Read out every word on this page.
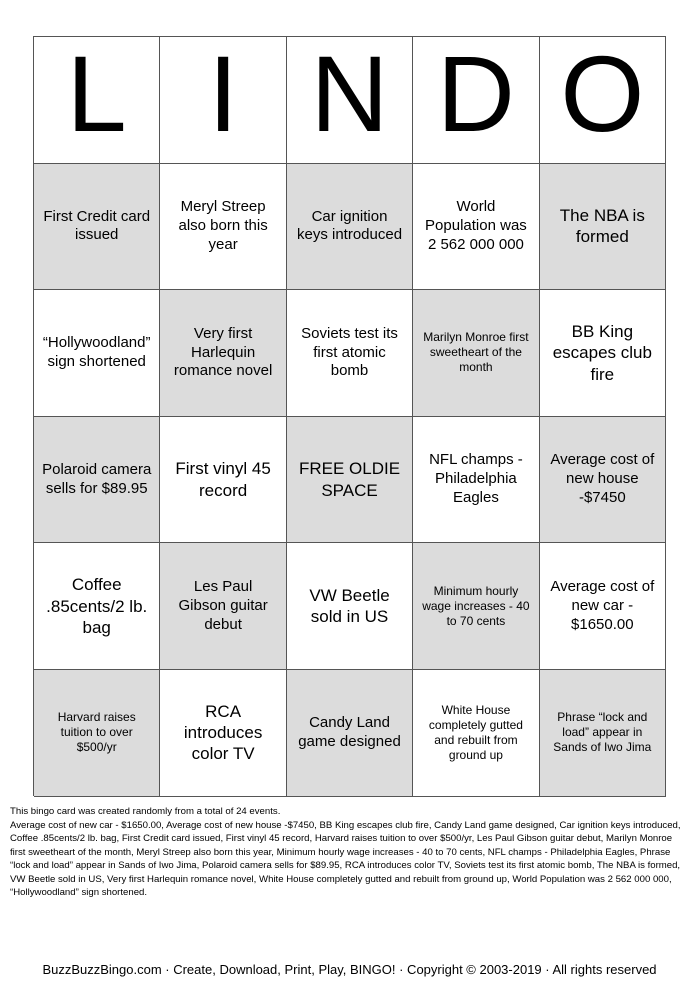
L I N D O
First Credit card issued
Meryl Streep also born this year
Car ignition keys introduced
World Population was 2 562 000 000
The NBA is formed
“Hollywoodland” sign shortened
Very first Harlequin romance novel
Soviets test its first atomic bomb
Marilyn Monroe first sweetheart of the month
BB King escapes club fire
Polaroid camera sells for $89.95
First vinyl 45 record
FREE OLDIE SPACE
NFL champs - Philadelphia Eagles
Average cost of new house -$7450
Coffee .85cents/2 lb. bag
Les Paul Gibson guitar debut
VW Beetle sold in US
Minimum hourly wage increases - 40 to 70 cents
Average cost of new car - $1650.00
Harvard raises tuition to over $500/yr
RCA introduces color TV
Candy Land game designed
White House completely gutted and rebuilt from ground up
Phrase “lock and load” appear in Sands of Iwo Jima
This bingo card was created randomly from a total of 24 events.
Average cost of new car - $1650.00, Average cost of new house -$7450, BB King escapes club fire, Candy Land game designed, Car ignition keys introduced, Coffee .85cents/2 lb. bag, First Credit card issued, First vinyl 45 record, Harvard raises tuition to over $500/yr, Les Paul Gibson guitar debut, Marilyn Monroe first sweetheart of the month, Meryl Streep also born this year, Minimum hourly wage increases - 40 to 70 cents, NFL champs - Philadelphia Eagles, Phrase “lock and load” appear in Sands of Iwo Jima, Polaroid camera sells for $89.95, RCA introduces color TV, Soviets test its first atomic bomb, The NBA is formed, VW Beetle sold in US, Very first Harlequin romance novel, White House completely gutted and rebuilt from ground up, World Population was 2 562 000 000, “Hollywoodland” sign shortened.
BuzzBuzzBingo.com · Create, Download, Print, Play, BINGO! · Copyright © 2003-2019 · All rights reserved
